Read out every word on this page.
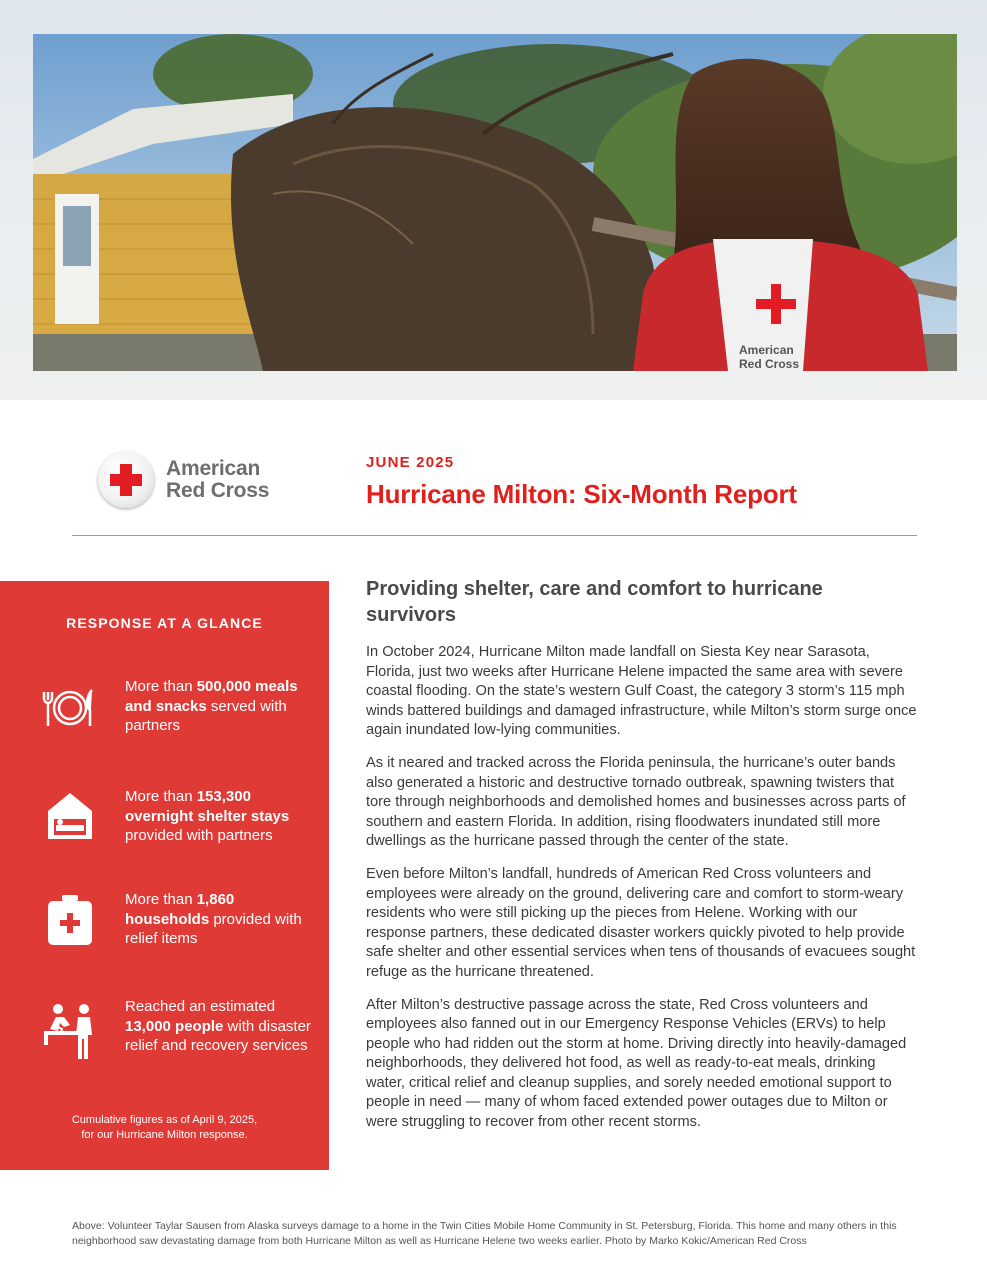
American
Red Cross
American
Red Cross
JUNE 2025
Hurricane Milton: Six-Month Report
RESPONSE AT A GLANCE
More than 500,000 meals and snacks served with partners
More than 153,300 overnight shelter stays provided with partners
More than 1,860 households provided with relief items
Reached an estimated 13,000 people with disaster relief and recovery services
Cumulative figures as of April 9, 2025,
for our Hurricane Milton response.
Providing shelter, care and comfort to hurricane survivors

In October 2024, Hurricane Milton made landfall on Siesta Key near Sarasota, Florida, just two weeks after Hurricane Helene impacted the same area with severe coastal flooding. On the state’s western Gulf Coast, the category 3 storm’s 115 mph winds battered buildings and damaged infrastructure, while Milton’s storm surge once again inundated low-lying communities.

As it neared and tracked across the Florida peninsula, the hurricane’s outer bands also generated a historic and destructive tornado outbreak, spawning twisters that tore through neighborhoods and demolished homes and businesses across parts of southern and eastern Florida. In addition, rising floodwaters inundated still more dwellings as the hurricane passed through the center of the state.

Even before Milton’s landfall, hundreds of American Red Cross volunteers and employees were already on the ground, delivering care and comfort to storm-weary residents who were still picking up the pieces from Helene. Working with our response partners, these dedicated disaster workers quickly pivoted to help provide safe shelter and other essential services when tens of thousands of evacuees sought refuge as the hurricane threatened.

After Milton’s destructive passage across the state, Red Cross volunteers and employees also fanned out in our Emergency Response Vehicles (ERVs) to help people who had ridden out the storm at home. Driving directly into heavily-damaged neighborhoods, they delivered hot food, as well as ready-to-eat meals, drinking water, critical relief and cleanup supplies, and sorely needed emotional support to people in need — many of whom faced extended power outages due to Milton or were struggling to recover from other recent storms.

Above: Volunteer Taylar Sausen from Alaska surveys damage to a home in the Twin Cities Mobile Home Community in St. Petersburg, Florida. This home and many others in this neighborhood saw devastating damage from both Hurricane Milton as well as Hurricane Helene two weeks earlier. Photo by Marko Kokic/American Red Cross
